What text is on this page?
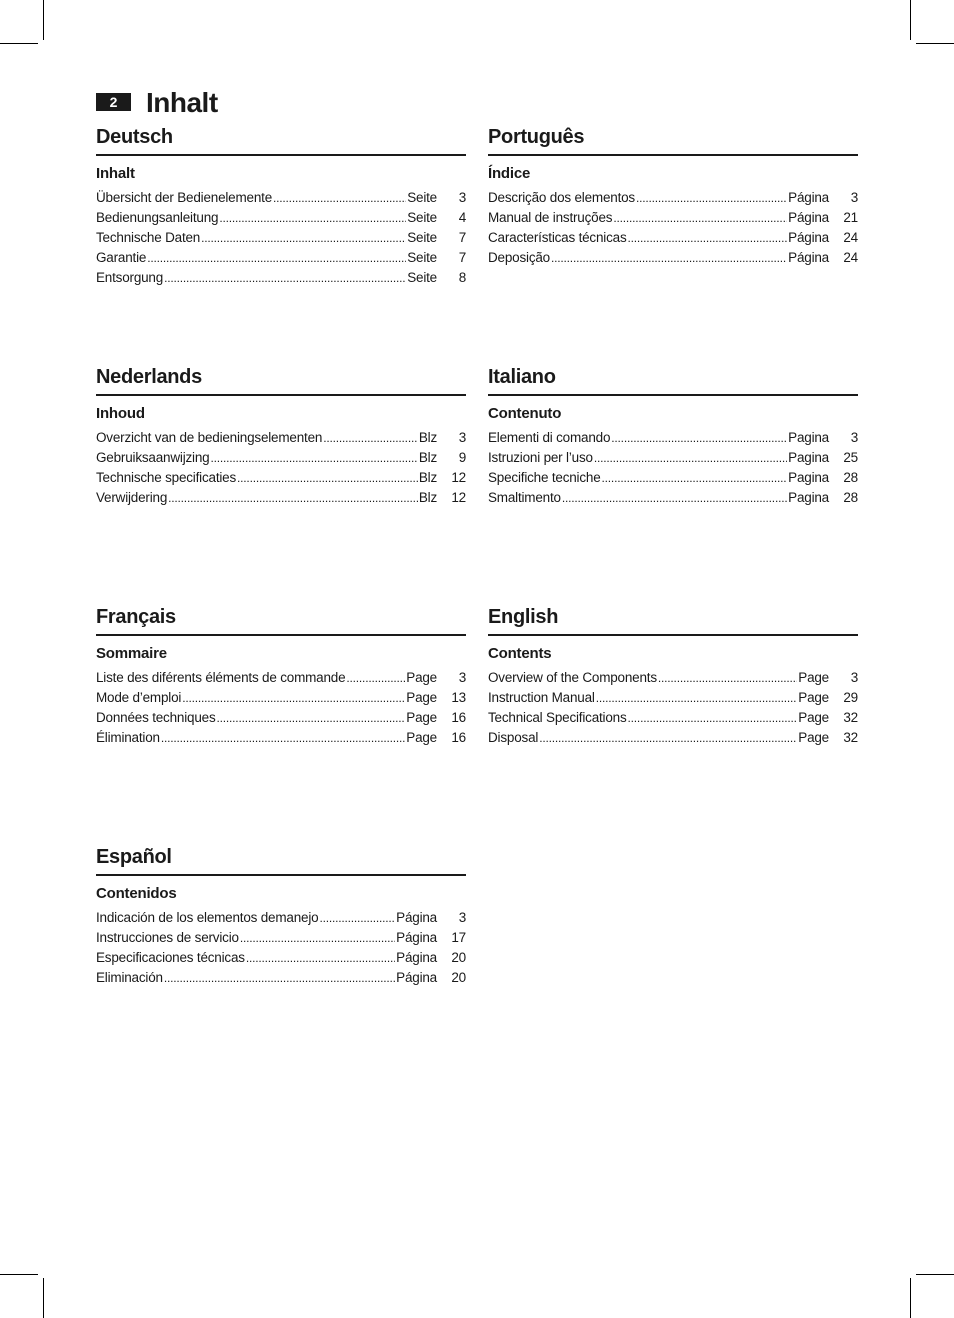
2	Inhalt
Deutsch
Inhalt
Übersicht der Bedienelemente .....	Seite	3
Bedienungsanleitung .....	Seite	4
Technische Daten .....	Seite	7
Garantie .....	Seite	7
Entsorgung .....	Seite	8
Português
Índice
Descrição dos elementos .....	Página	3
Manual de instruções .....	Página	21
Características técnicas .....	Página	24
Deposição .....	Página	24
Nederlands
Inhoud
Overzicht van de bedieningselementen .....	Blz	3
Gebruiksaanwijzing .....	Blz	9
Technische specificaties .....	Blz	12
Verwijdering .....	Blz	12
Italiano
Contenuto
Elementi di comando .....	Pagina	3
Istruzioni per l’uso .....	Pagina	25
Specifiche tecniche .....	Pagina	28
Smaltimento .....	Pagina	28
Français
Sommaire
Liste des diférents éléments de commande .....	Page	3
Mode d’emploi .....	Page	13
Données techniques .....	Page	16
Élimination .....	Page	16
English
Contents
Overview of the Components .....	Page	3
Instruction Manual .....	Page	29
Technical Specifications .....	Page	32
Disposal .....	Page	32
Español
Contenidos
Indicación de los elementos demanejo .....	Página	3
Instrucciones de servicio .....	Página	17
Especificaciones técnicas .....	Página	20
Eliminación .....	Página	20
